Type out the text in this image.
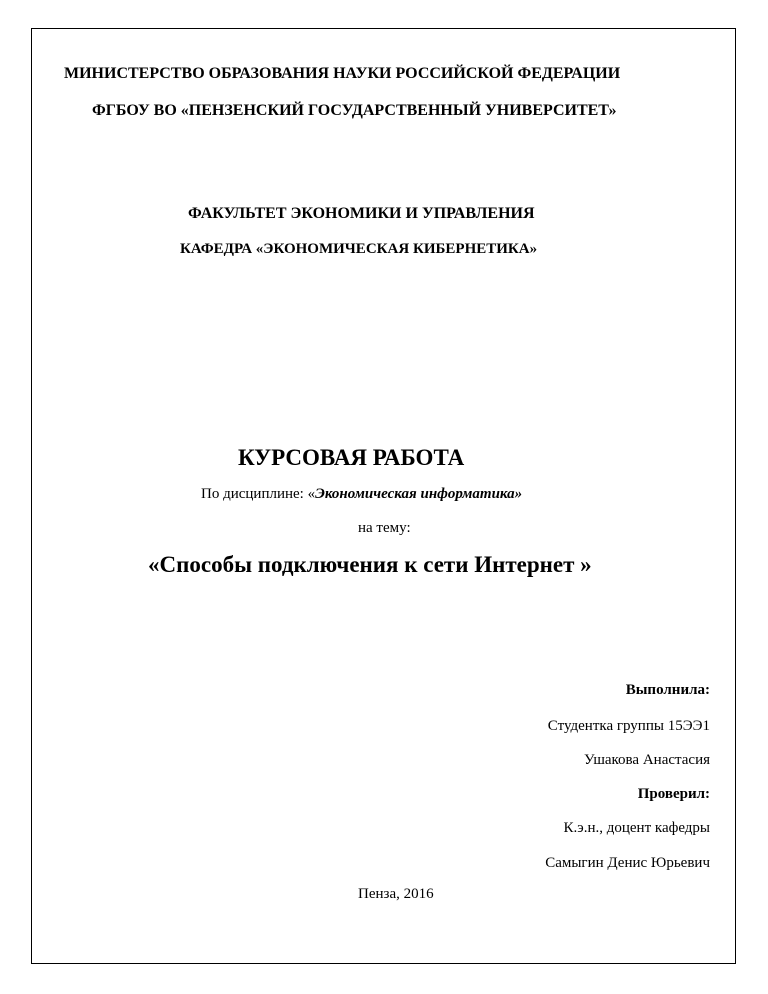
МИНИСТЕРСТВО ОБРАЗОВАНИЯ НАУКИ РОССИЙСКОЙ ФЕДЕРАЦИИ
ФГБОУ ВО «ПЕНЗЕНСКИЙ ГОСУДАРСТВЕННЫЙ УНИВЕРСИТЕТ»
ФАКУЛЬТЕТ ЭКОНОМИКИ И УПРАВЛЕНИЯ
КАФЕДРА «ЭКОНОМИЧЕСКАЯ КИБЕРНЕТИКА»
КУРСОВАЯ РАБОТА
По дисциплине: «Экономическая информатика»
на тему:
«Способы подключения к сети Интернет »
Выполнила:
Студентка группы 15ЭЭ1
Ушакова Анастасия
Проверил:
К.э.н., доцент кафедры
Самыгин Денис Юрьевич
Пенза, 2016
